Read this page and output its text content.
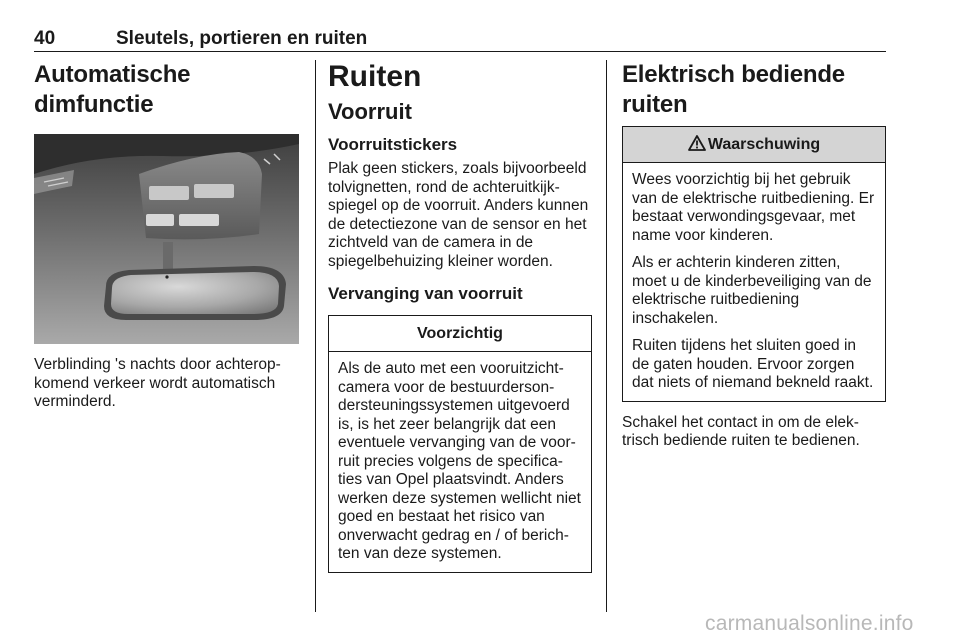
40	Sleutels, portieren en ruiten
Automatische dimfunctie
Verblinding 's nachts door achterop-komend verkeer wordt automatisch verminderd.
Ruiten
Voorruit
Voorruitstickers
Plak geen stickers, zoals bijvoorbeeld tolvignetten, rond de achteruitkijk-spiegel op de voorruit. Anders kunnen de detectiezone van de sensor en het zichtveld van de camera in de spiegelbehuizing kleiner worden.
Vervanging van voorruit
Voorzichtig
Als de auto met een vooruitzicht-camera voor de bestuurderson-dersteuningssystemen uitgevoerd is, is het zeer belangrijk dat een eventuele vervanging van de voor-ruit precies volgens de specifica-ties van Opel plaatsvindt. Anders werken deze systemen wellicht niet goed en bestaat het risico van onverwacht gedrag en / of berich-ten van deze systemen.
Elektrisch bediende ruiten
Waarschuwing
Wees voorzichtig bij het gebruik van de elektrische ruitbediening. Er bestaat verwondingsgevaar, met name voor kinderen.
Als er achterin kinderen zitten, moet u de kinderbeveiliging van de elektrische ruitbediening inschakelen.
Ruiten tijdens het sluiten goed in de gaten houden. Ervoor zorgen dat niets of niemand bekneld raakt.
Schakel het contact in om de elek-trisch bediende ruiten te bedienen.
carmanualsonline.info
